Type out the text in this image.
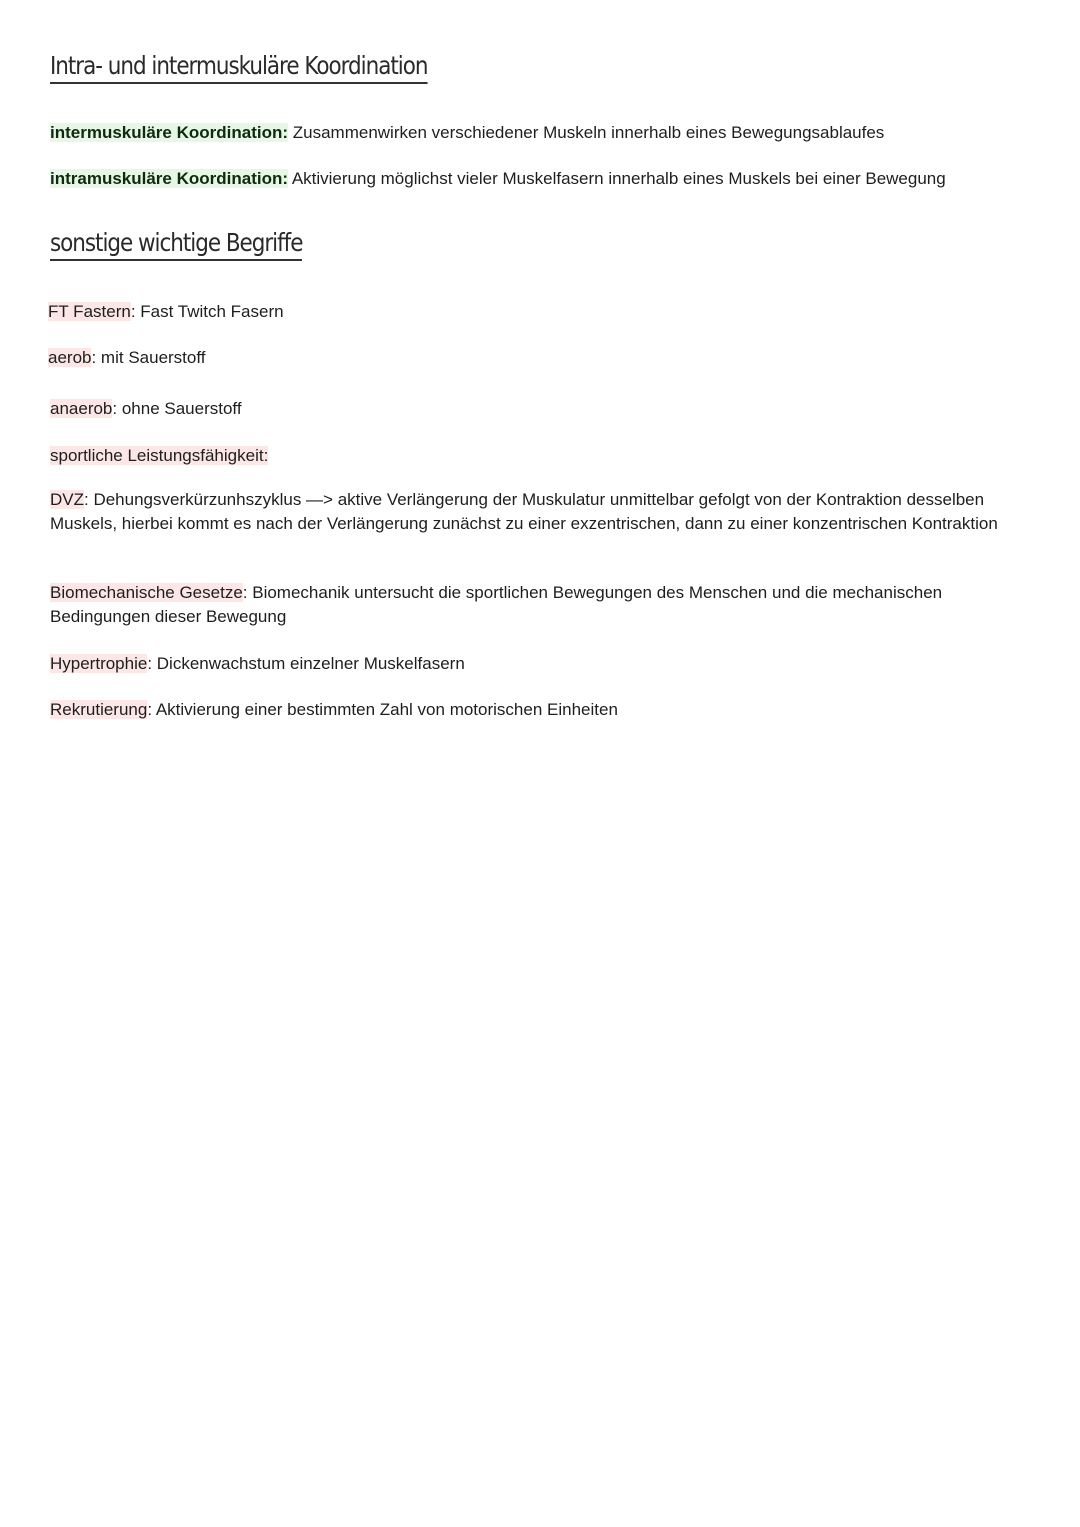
Intra- und intermuskuläre Koordination
intermuskuläre Koordination: Zusammenwirken verschiedener Muskeln innerhalb eines Bewegungsablaufes
intramuskuläre Koordination: Aktivierung möglichst vieler Muskelfasern innerhalb eines Muskels bei einer Bewegung
sonstige wichtige Begriffe
FT Fastern: Fast Twitch Fasern
aerob: mit Sauerstoff
anaerob: ohne Sauerstoff
sportliche Leistungsfähigkeit:
DVZ: Dehungsverkürzunhszyklus —> aktive Verlängerung der Muskulatur unmittelbar gefolgt von der Kontraktion desselben Muskels, hierbei kommt es nach der Verlängerung zunächst zu einer exzentrischen, dann zu einer konzentrischen Kontraktion
Biomechanische Gesetze: Biomechanik untersucht die sportlichen Bewegungen des Menschen und die mechanischen Bedingungen dieser Bewegung
Hypertrophie: Dickenwachstum einzelner Muskelfasern
Rekrutierung: Aktivierung einer bestimmten Zahl von motorischen Einheiten
